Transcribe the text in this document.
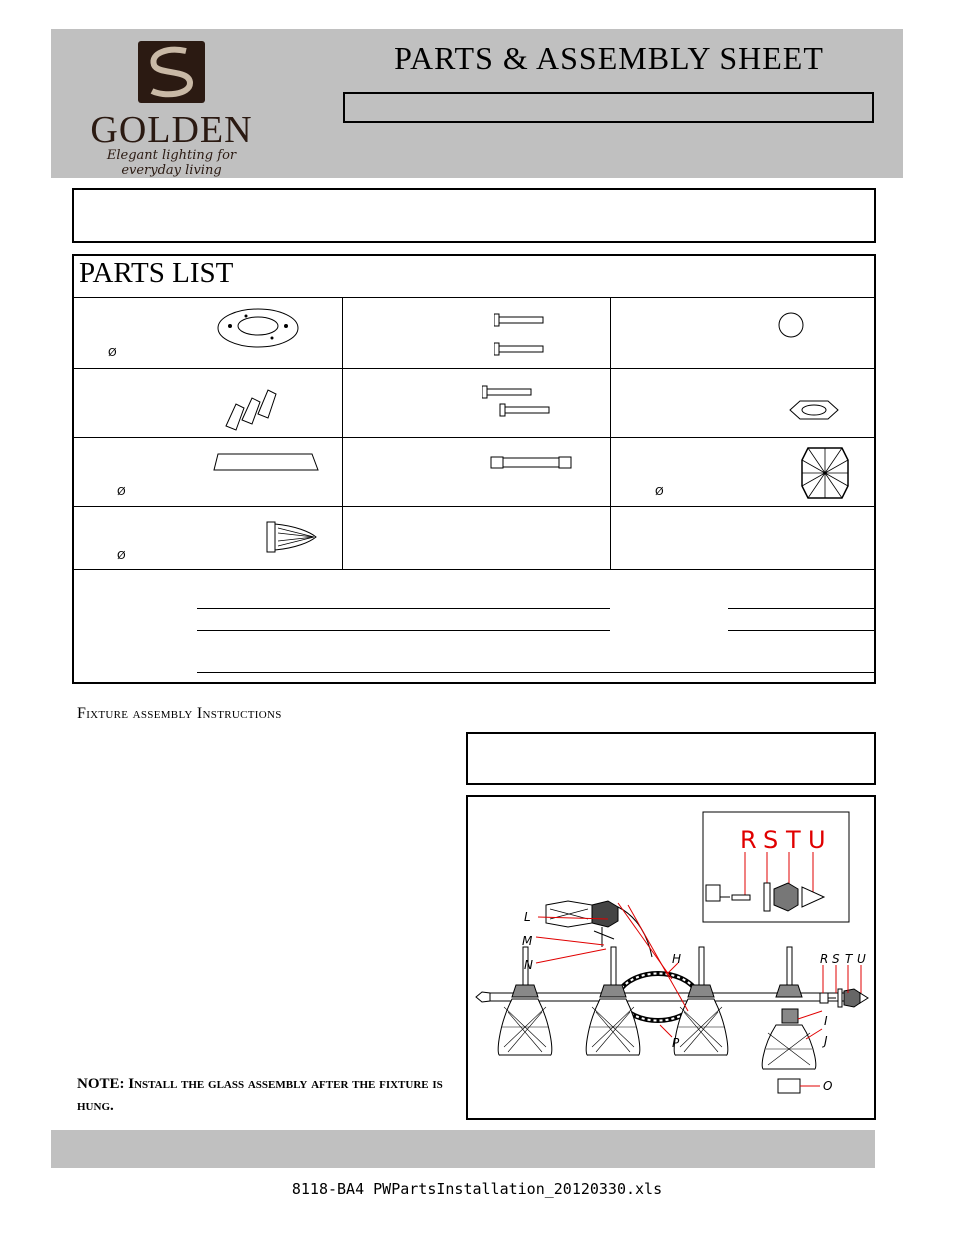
GOLDEN
Elegant lighting for everyday living
PARTS & ASSEMBLY SHEET
PARTS LIST
Ø
Ø
Ø
Ø
Fixture assembly Instructions
R S T U
L
M
N	H
P
I
J
O
R S T U
NOTE: Install the glass assembly after the fixture is hung.
8118-BA4 PWPartsInstallation_20120330.xls
